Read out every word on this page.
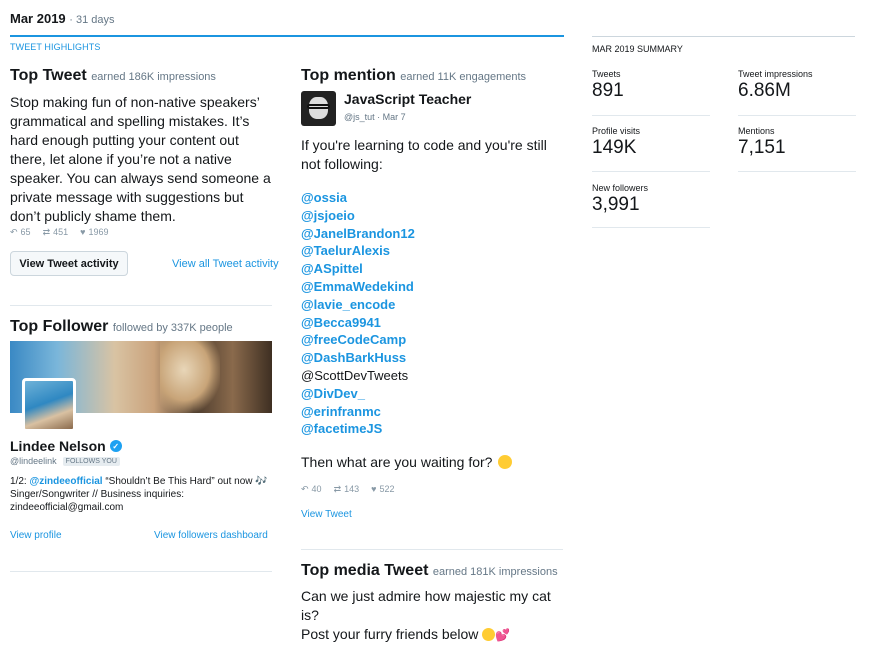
Mar 2019 · 31 days
TWEET HIGHLIGHTS	MAR 2019 SUMMARY
Top Tweet earned 186K impressions
Stop making fun of non-native speakers’ grammatical and spelling mistakes. It’s hard enough putting your content out there, let alone if you’re not a native speaker. You can always send someone a private message with suggestions but don’t publicly shame them.
↶ 65 ⇄ 451 ♥ 1969
View Tweet activity	View all Tweet activity
Top Follower followed by 337K people
Lindee Nelson ✓
@lindeelink	FOLLOWS YOU
1/2: @zindeeofficial “Shouldn’t Be This Hard” out now 🎶 Singer/Songwriter // Business inquiries: zindeeofficial@gmail.com
View profile	View followers dashboard
Top mention earned 11K engagements
JavaScript Teacher
@js_tut · Mar 7
If you're learning to code and you're still not following:
@ossia
@jsjoeio
@JanelBrandon12
@TaelurAlexis
@ASpittel
@EmmaWedekind
@lavie_encode
@Becca9941
@freeCodeCamp
@DashBarkHuss
@ScottDevTweets
@DivDev_
@erinfranmc
@facetimeJS
Then what are you waiting for?
↶ 40 ⇄ 143 ♥ 522
View Tweet
Top media Tweet earned 181K impressions
Can we just admire how majestic my cat is?
Post your furry friends below 💕
Tweets
891
Tweet impressions
6.86M
Profile visits
149K
Mentions
7,151
New followers
3,991
